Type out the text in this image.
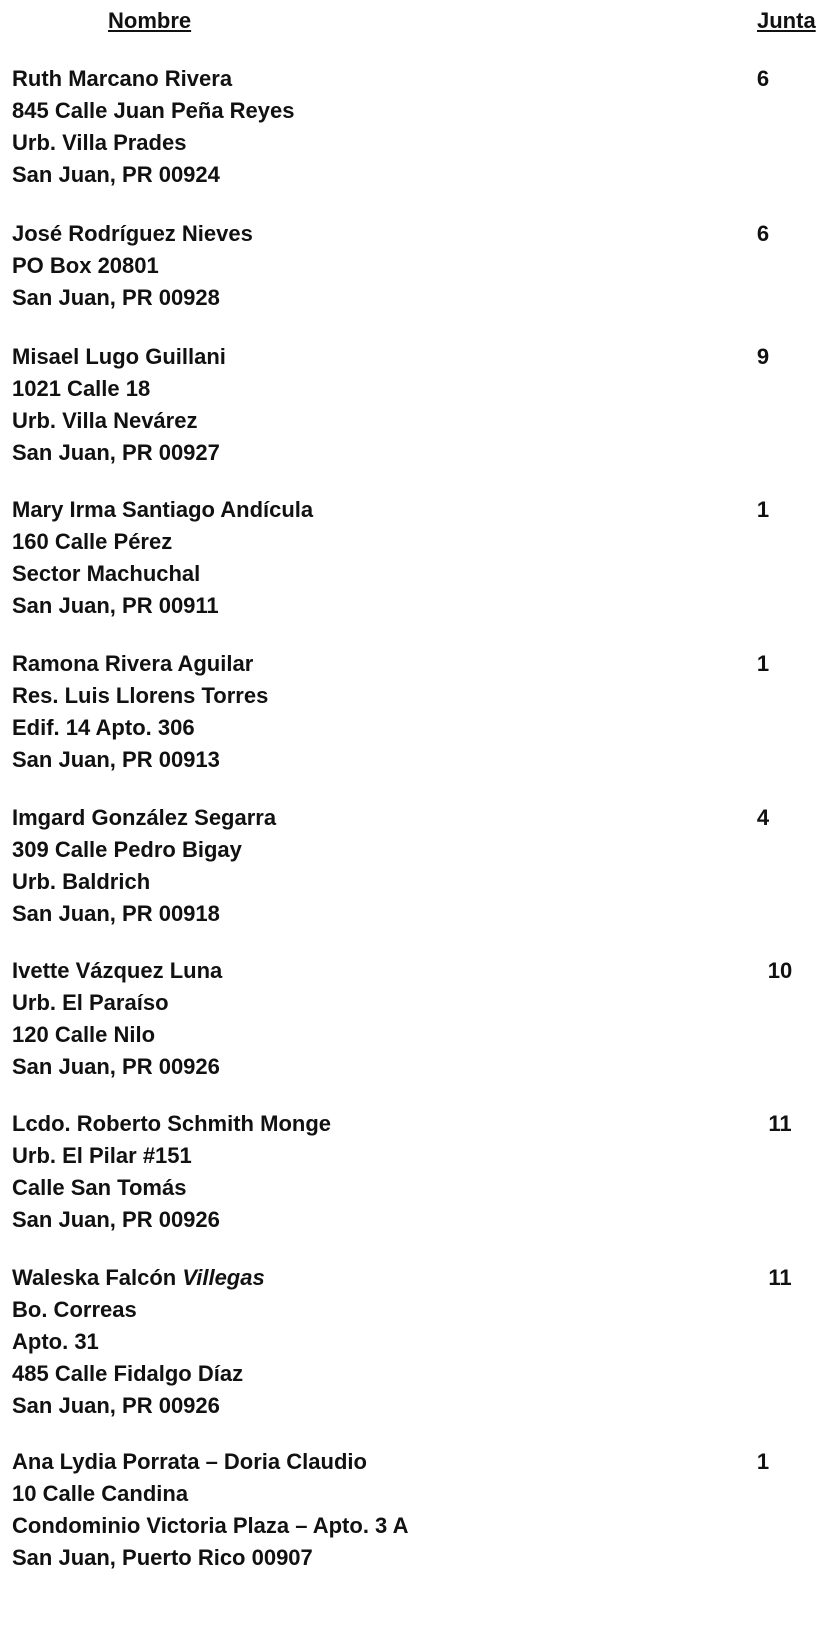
Nombre	Junta
Ruth Marcano Rivera
845 Calle Juan Peña Reyes
Urb. Villa Prades
San Juan, PR 00924
6
José Rodríguez Nieves
PO Box 20801
San Juan, PR 00928
6
Misael Lugo Guillani
1021 Calle 18
Urb. Villa Nevárez
San Juan, PR 00927
9
Mary Irma Santiago Andícula
160 Calle Pérez
Sector Machuchal
San Juan, PR 00911
1
Ramona Rivera Aguilar
Res. Luis Llorens Torres
Edif. 14 Apto. 306
San Juan, PR 00913
1
Imgard González Segarra
309 Calle Pedro Bigay
Urb. Baldrich
San Juan, PR 00918
4
Ivette Vázquez Luna
Urb. El Paraíso
120 Calle Nilo
San Juan, PR 00926
10
Lcdo. Roberto Schmith Monge
Urb. El Pilar #151
Calle San Tomás
San Juan, PR 00926
11
Waleska Falcón Villegas
Bo. Correas
Apto. 31
485 Calle Fidalgo Díaz
San Juan, PR 00926
11
Ana Lydia Porrata – Doria Claudio
10 Calle Candina
Condominio Victoria Plaza – Apto. 3 A
San Juan, Puerto Rico 00907
1
